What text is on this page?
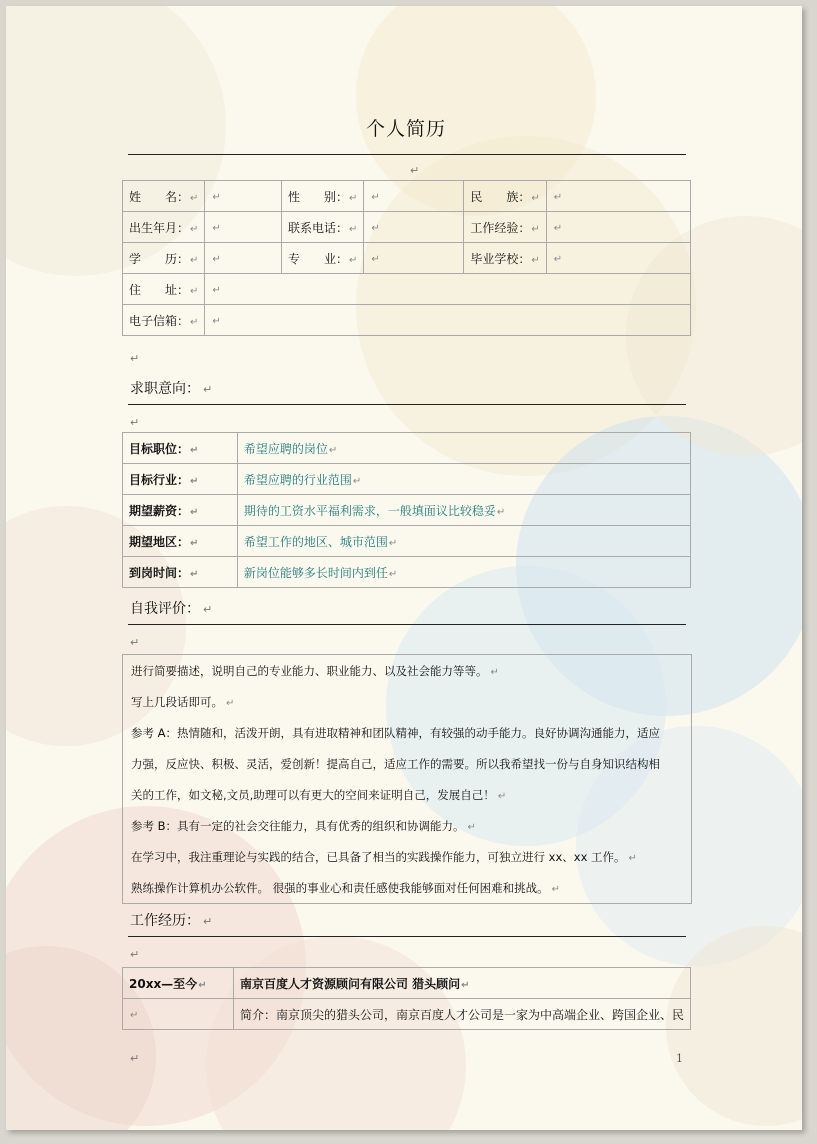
个人简历
↵
姓　　名：↵	↵	性　　别：↵	↵	民　　族：↵	↵
出生年月：↵	↵	联系电话：↵	↵	工作经验：↵	↵
学　　历：↵	↵	专　　业：↵	↵	毕业学校：↵	↵
住　　址：↵	↵				
电子信箱：↵	↵				
↵
求职意向： ↵
↵
目标职位：↵	希望应聘的岗位↵
目标行业：↵	希望应聘的行业范围↵
期望薪资：↵	期待的工资水平福利需求，一般填面议比较稳妥↵
期望地区：↵	希望工作的地区、城市范围↵
到岗时间：↵	新岗位能够多长时间内到任↵
自我评价： ↵
↵

进行简要描述，说明自己的专业能力、职业能力、以及社会能力等等。 ↵

写上几段话即可。 ↵

参考 A：热情随和，活泼开朗，具有进取精神和团队精神，有较强的动手能力。良好协调沟通能力，适应

力强，反应快、积极、灵活，爱创新！提高自己，适应工作的需要。所以我希望找一份与自身知识结构相

关的工作，如文秘,文员,助理可以有更大的空间来证明自己，发展自己！ ↵

参考 B：具有一定的社会交往能力，具有优秀的组织和协调能力。 ↵

在学习中，我注重理论与实践的结合，已具备了相当的实践操作能力，可独立进行 xx、xx 工作。 ↵

熟练操作计算机办公软件。 很强的事业心和责任感使我能够面对任何困难和挑战。 ↵

工作经历： ↵
↵
20xx—至今↵	南京百度人才资源顾问有限公司 猎头顾问↵
↵	简介：南京顶尖的猎头公司，南京百度人才公司是一家为中高端企业、跨国企业、民
↵	1
